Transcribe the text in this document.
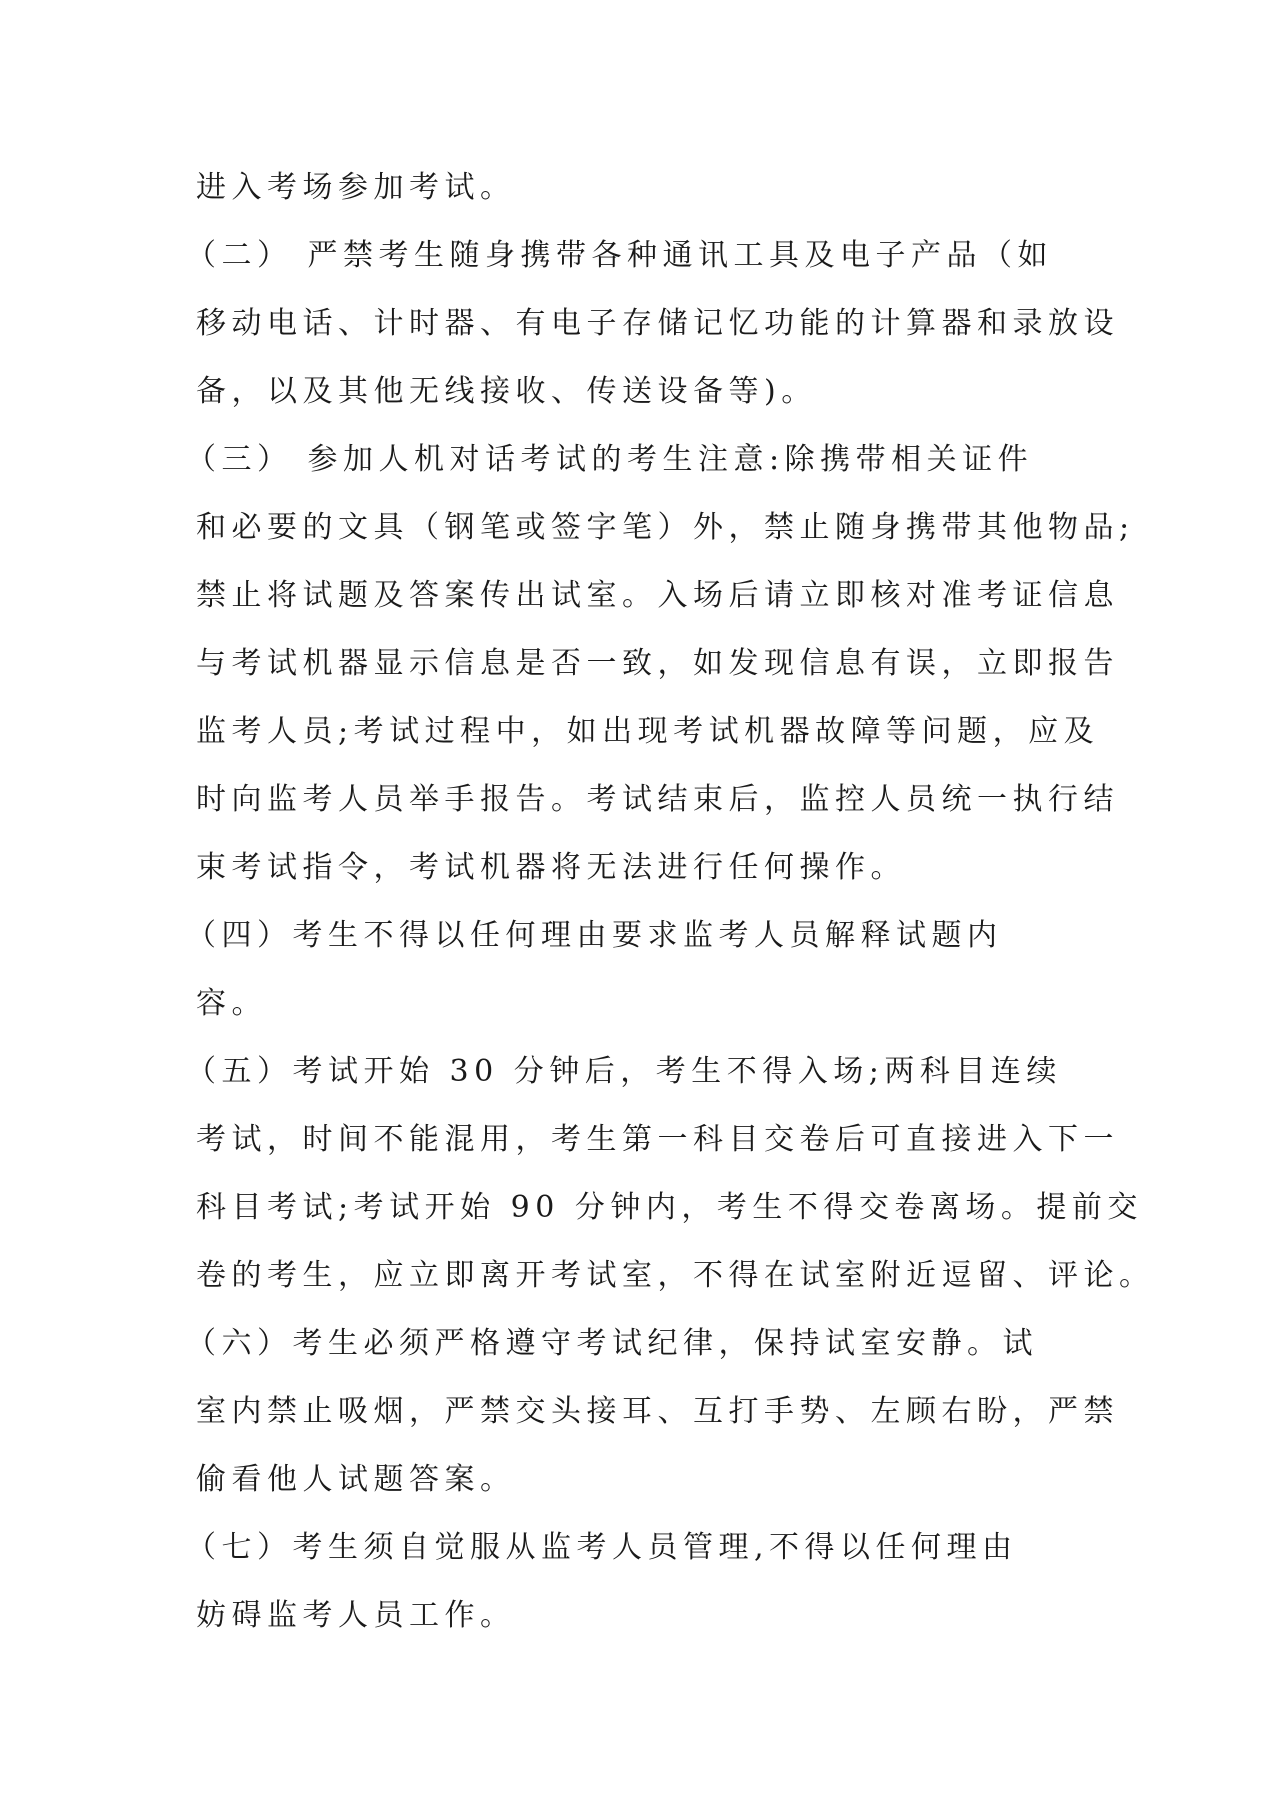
进入考场参加考试。
（二） 严禁考生随身携带各种通讯工具及电子产品（如
移动电话、计时器、有电子存储记忆功能的计算器和录放设
备，以及其他无线接收、传送设备等)。
（三） 参加人机对话考试的考生注意:除携带相关证件
和必要的文具（钢笔或签字笔）外，禁止随身携带其他物品;
禁止将试题及答案传出试室。入场后请立即核对准考证信息
与考试机器显示信息是否一致，如发现信息有误，立即报告
监考人员;考试过程中，如出现考试机器故障等问题，应及
时向监考人员举手报告。考试结束后，监控人员统一执行结
束考试指令，考试机器将无法进行任何操作。
（四）考生不得以任何理由要求监考人员解释试题内
容。
（五）考试开始 30 分钟后，考生不得入场;两科目连续
考试，时间不能混用，考生第一科目交卷后可直接进入下一
科目考试;考试开始 90 分钟内，考生不得交卷离场。提前交
卷的考生，应立即离开考试室，不得在试室附近逗留、评论。
（六）考生必须严格遵守考试纪律，保持试室安静。试
室内禁止吸烟，严禁交头接耳、互打手势、左顾右盼，严禁
偷看他人试题答案。
（七）考生须自觉服从监考人员管理,不得以任何理由
妨碍监考人员工作。
